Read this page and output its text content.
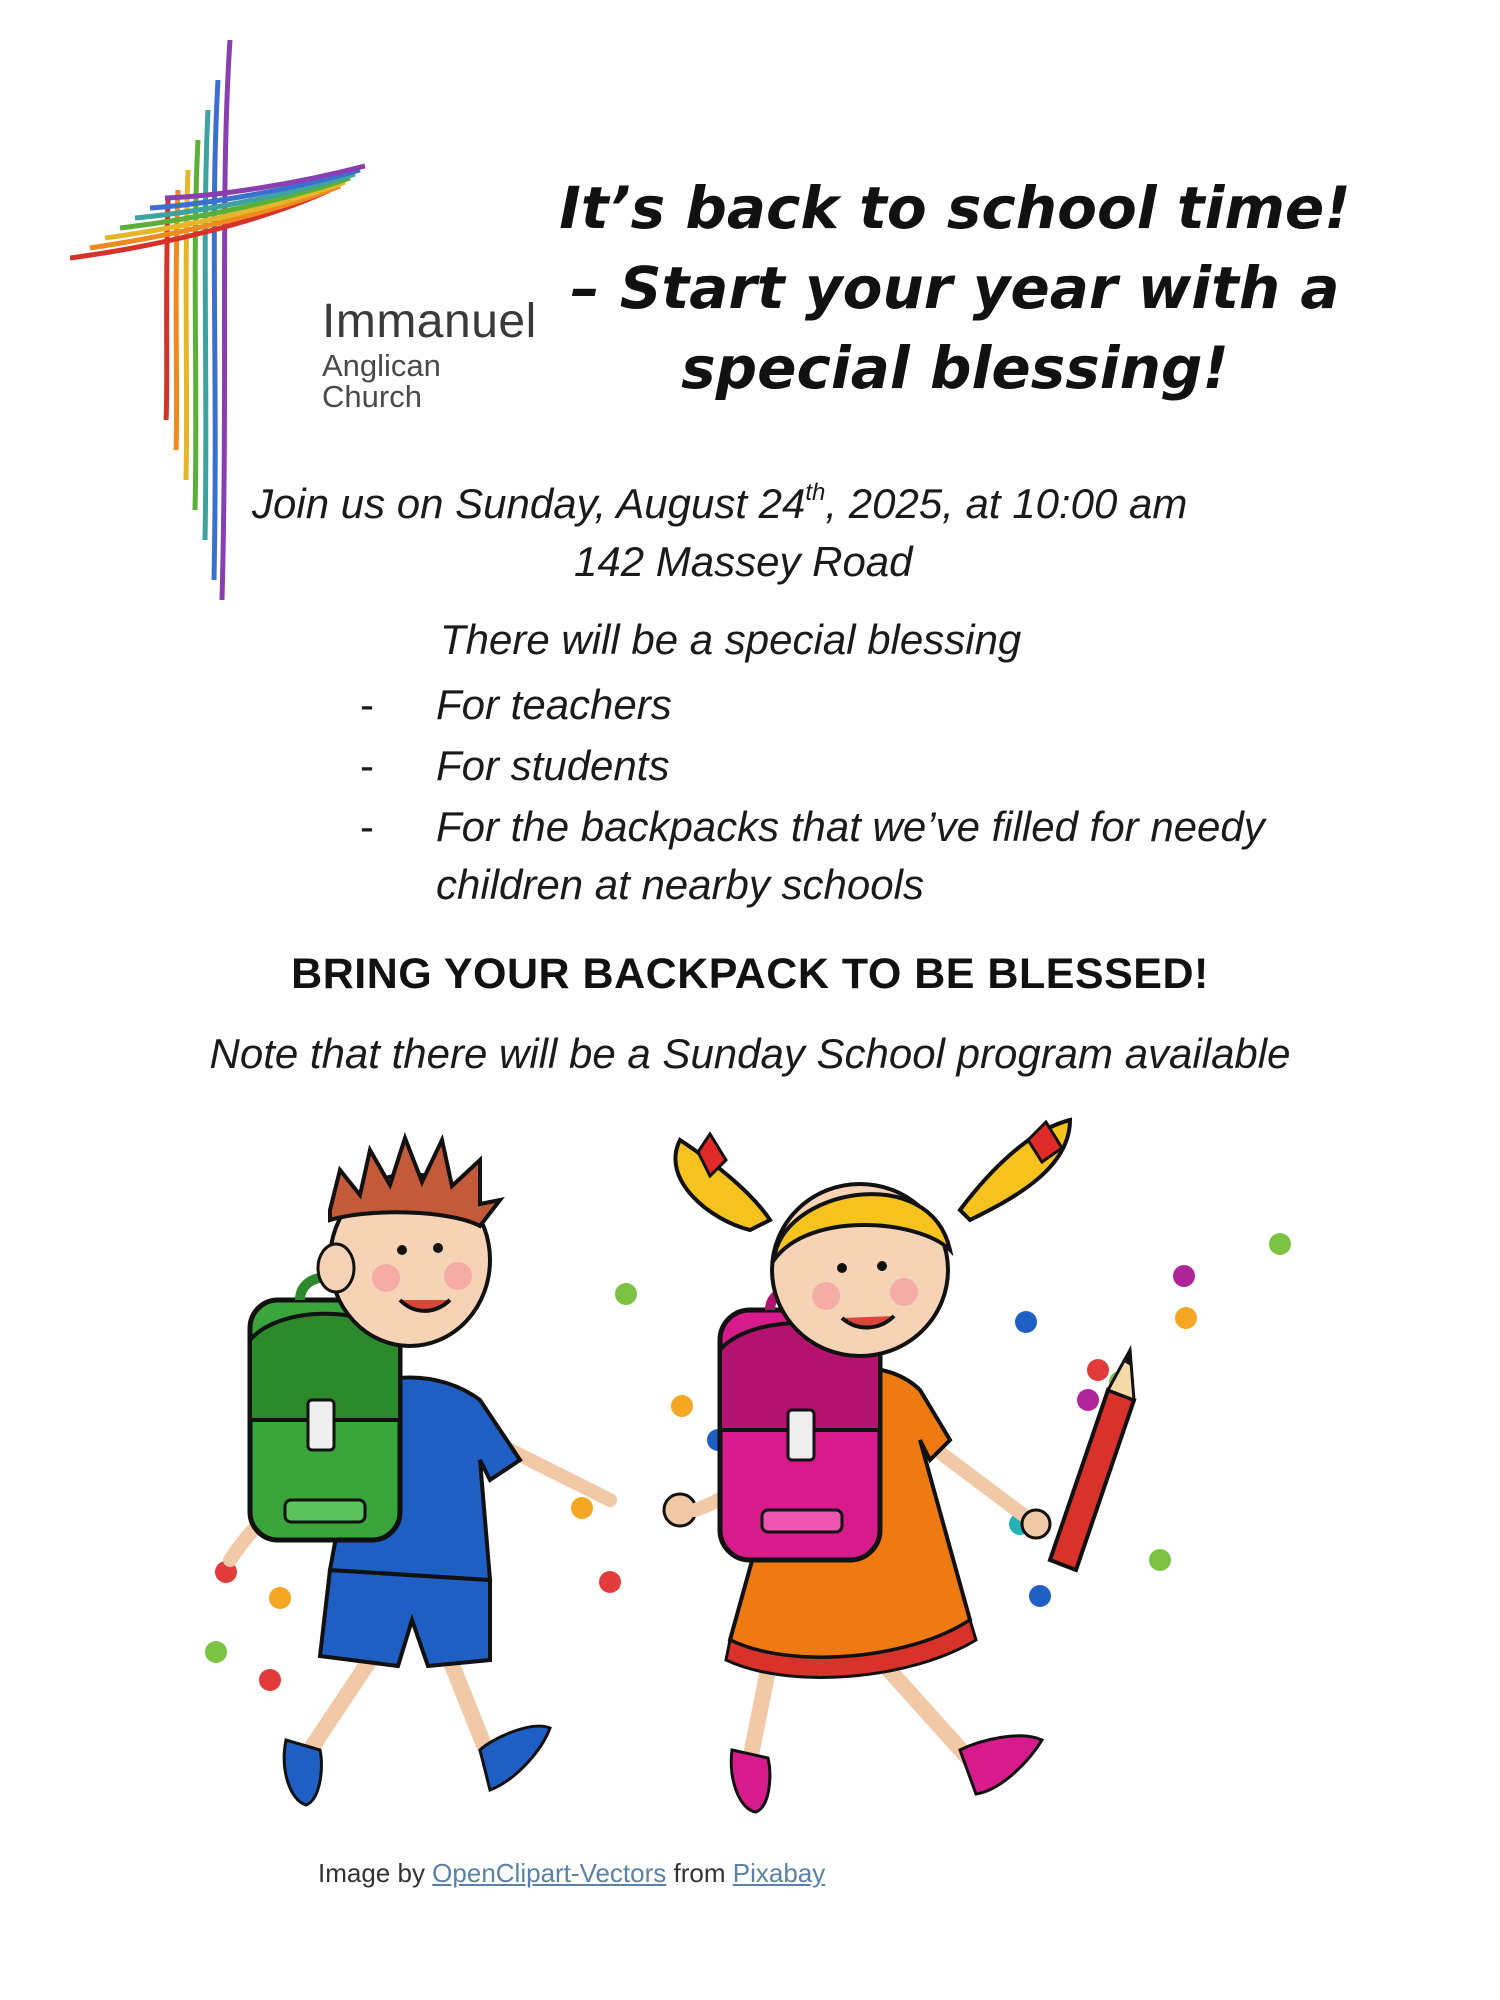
Immanuel
Anglican Church
It’s back to school time!
– Start your year with a
special blessing!
Join us on Sunday, August 24th, 2025, at 10:00 am
142 Massey Road
There will be a special blessing
- For teachers
- For students
- For the backpacks that we’ve filled for needy children at nearby schools
BRING YOUR BACKPACK TO BE BLESSED!
Note that there will be a Sunday School program available
Image by OpenClipart-Vectors from Pixabay
